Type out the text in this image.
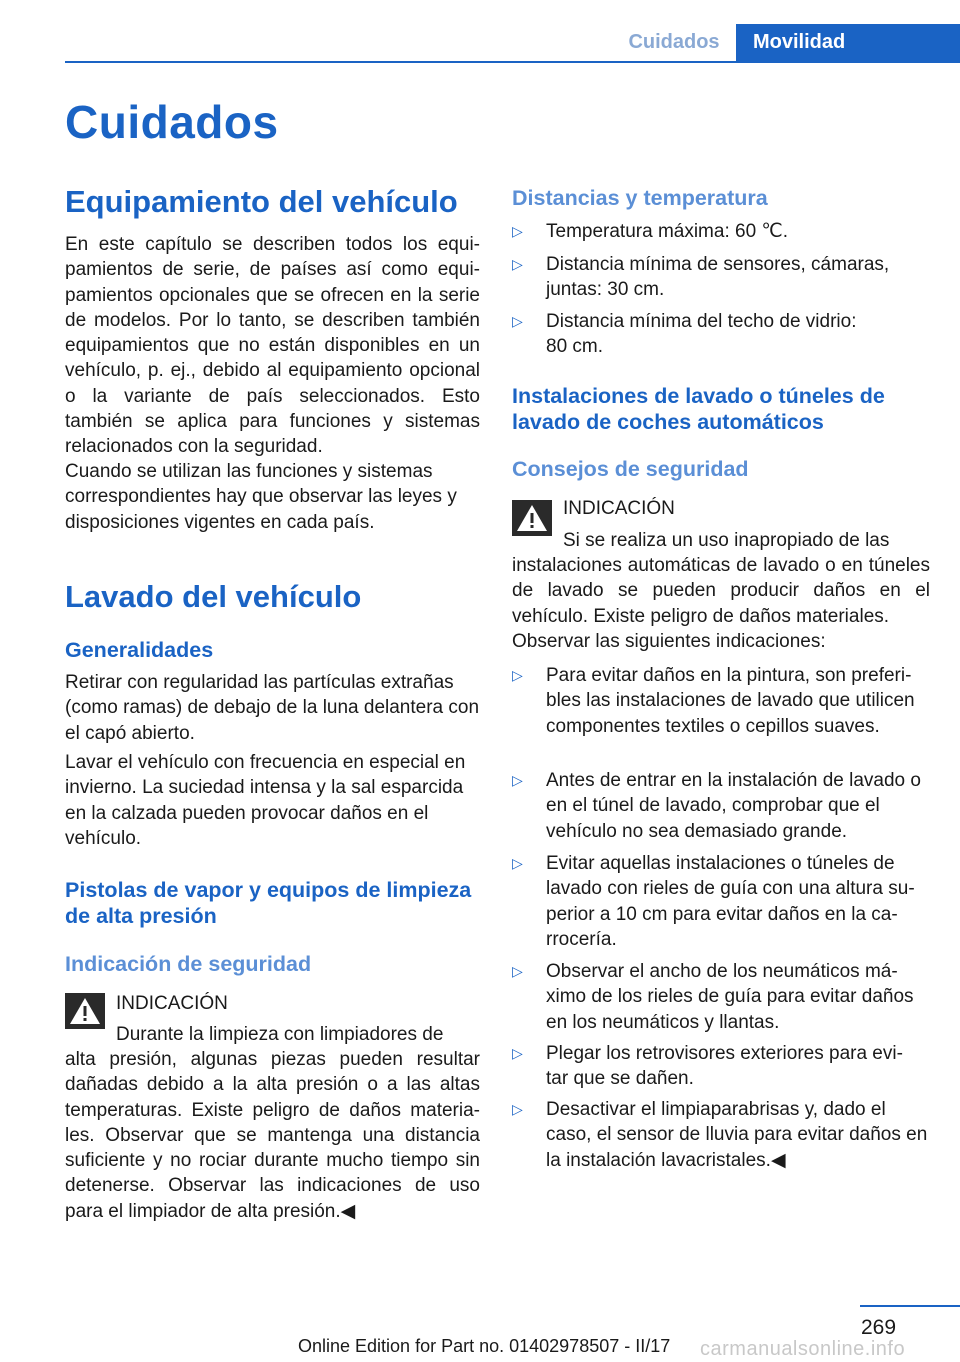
Cuidados	Movilidad
Cuidados
Equipamiento del vehículo
En este capítulo se describen todos los equipamientos de serie, de países así como equipamientos opcionales que se ofrecen en la serie de modelos. Por lo tanto, se describen también equipamientos que no están disponibles en un vehículo, p. ej., debido al equipamiento opcional o la variante de país seleccionados. Esto también se aplica para funciones y sistemas relacionados con la seguridad.
Cuando se utilizan las funciones y sistemas correspondientes hay que observar las leyes y disposiciones vigentes en cada país.
Lavado del vehículo
Generalidades
Retirar con regularidad las partículas extrañas (como ramas) de debajo de la luna delantera con el capó abierto.
Lavar el vehículo con frecuencia en especial en invierno. La suciedad intensa y la sal esparcida en la calzada pueden provocar daños en el vehículo.
Pistolas de vapor y equipos de limpieza de alta presión
Indicación de seguridad
INDICACIÓN
Durante la limpieza con limpiadores de
alta presión, algunas piezas pueden resultar dañadas debido a la alta presión o a las altas temperaturas. Existe peligro de daños materiales. Observar que se mantenga una distancia suficiente y no rociar durante mucho tiempo sin detenerse. Observar las indicaciones de uso para el limpiador de alta presión.◀
Distancias y temperatura
▷ Temperatura máxima: 60 ℃.
▷ Distancia mínima de sensores, cámaras, juntas: 30 cm.
▷ Distancia mínima del techo de vidrio: 80 cm.
Instalaciones de lavado o túneles de lavado de coches automáticos
Consejos de seguridad
INDICACIÓN
Si se realiza un uso inapropiado de las
instalaciones automáticas de lavado o en túneles de lavado se pueden producir daños en el vehículo. Existe peligro de daños materiales.
Observar las siguientes indicaciones:
▷ Para evitar daños en la pintura, son preferibles las instalaciones de lavado que utilicen componentes textiles o cepillos suaves.
▷ Antes de entrar en la instalación de lavado o en el túnel de lavado, comprobar que el vehículo no sea demasiado grande.
▷ Evitar aquellas instalaciones o túneles de lavado con rieles de guía con una altura superior a 10 cm para evitar daños en la carrocería.
▷ Observar el ancho de los neumáticos máximo de los rieles de guía para evitar daños en los neumáticos y llantas.
▷ Plegar los retrovisores exteriores para evitar que se dañen.
▷ Desactivar el limpiaparabrisas y, dado el caso, el sensor de lluvia para evitar daños en la instalación lavacristales.◀
269
Online Edition for Part no. 01402978507 - II/17 carmanualsonline.info
